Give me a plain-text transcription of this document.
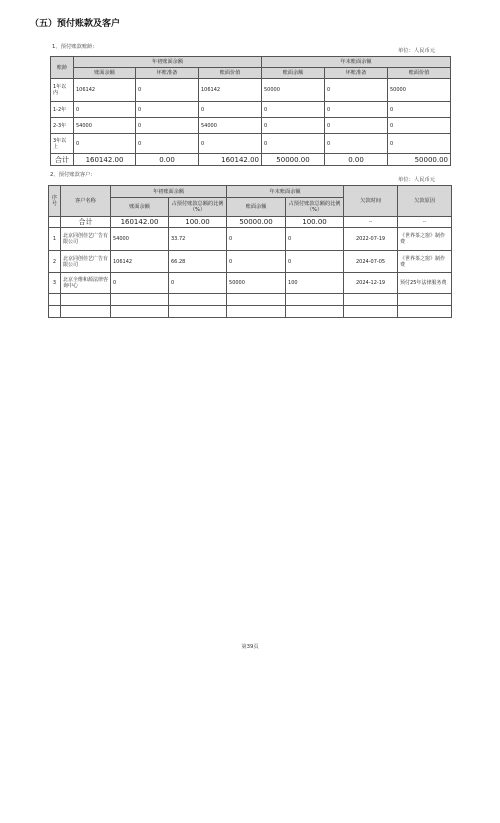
（五）预付账款及客户
1、预付账款账龄：
单位：人民币元
账龄	年初账面余额			年末账面余额		
	账面余额	坏账准备	账面价值	账面余额	坏账准备	账面价值
1年以内	106142	0	106142	50000	0	50000
1-2年	0	0	0	0	0	0
2-3年	54000	0	54000	0	0	0
3年以上	0	0	0	0	0	0
合计	160142.00	0.00	160142.00	50000.00	0.00	50000.00
2、预付账款客户：
单位：人民币元
序号	客户名称	年初账面余额		年末账面余额		欠款时间	欠款原因
		账面余额	占预付账款总额的比例（%）	账面余额	占预付账款总额的比例（%）		
	合计	160142.00	100.00	50000.00	100.00	--	--
1	北京同创佳艺广告有限公司	54000	33.72	0	0	2022-07-19	《世界茶之窗》制作费
2	北京同创佳艺广告有限公司	106142	66.28	0	0	2024-07-05	《世界茶之窗》制作费
3	北京全维和源法律咨询中心	0	0	50000	100	2024-12-19	预付25年法律服务费

第39页
